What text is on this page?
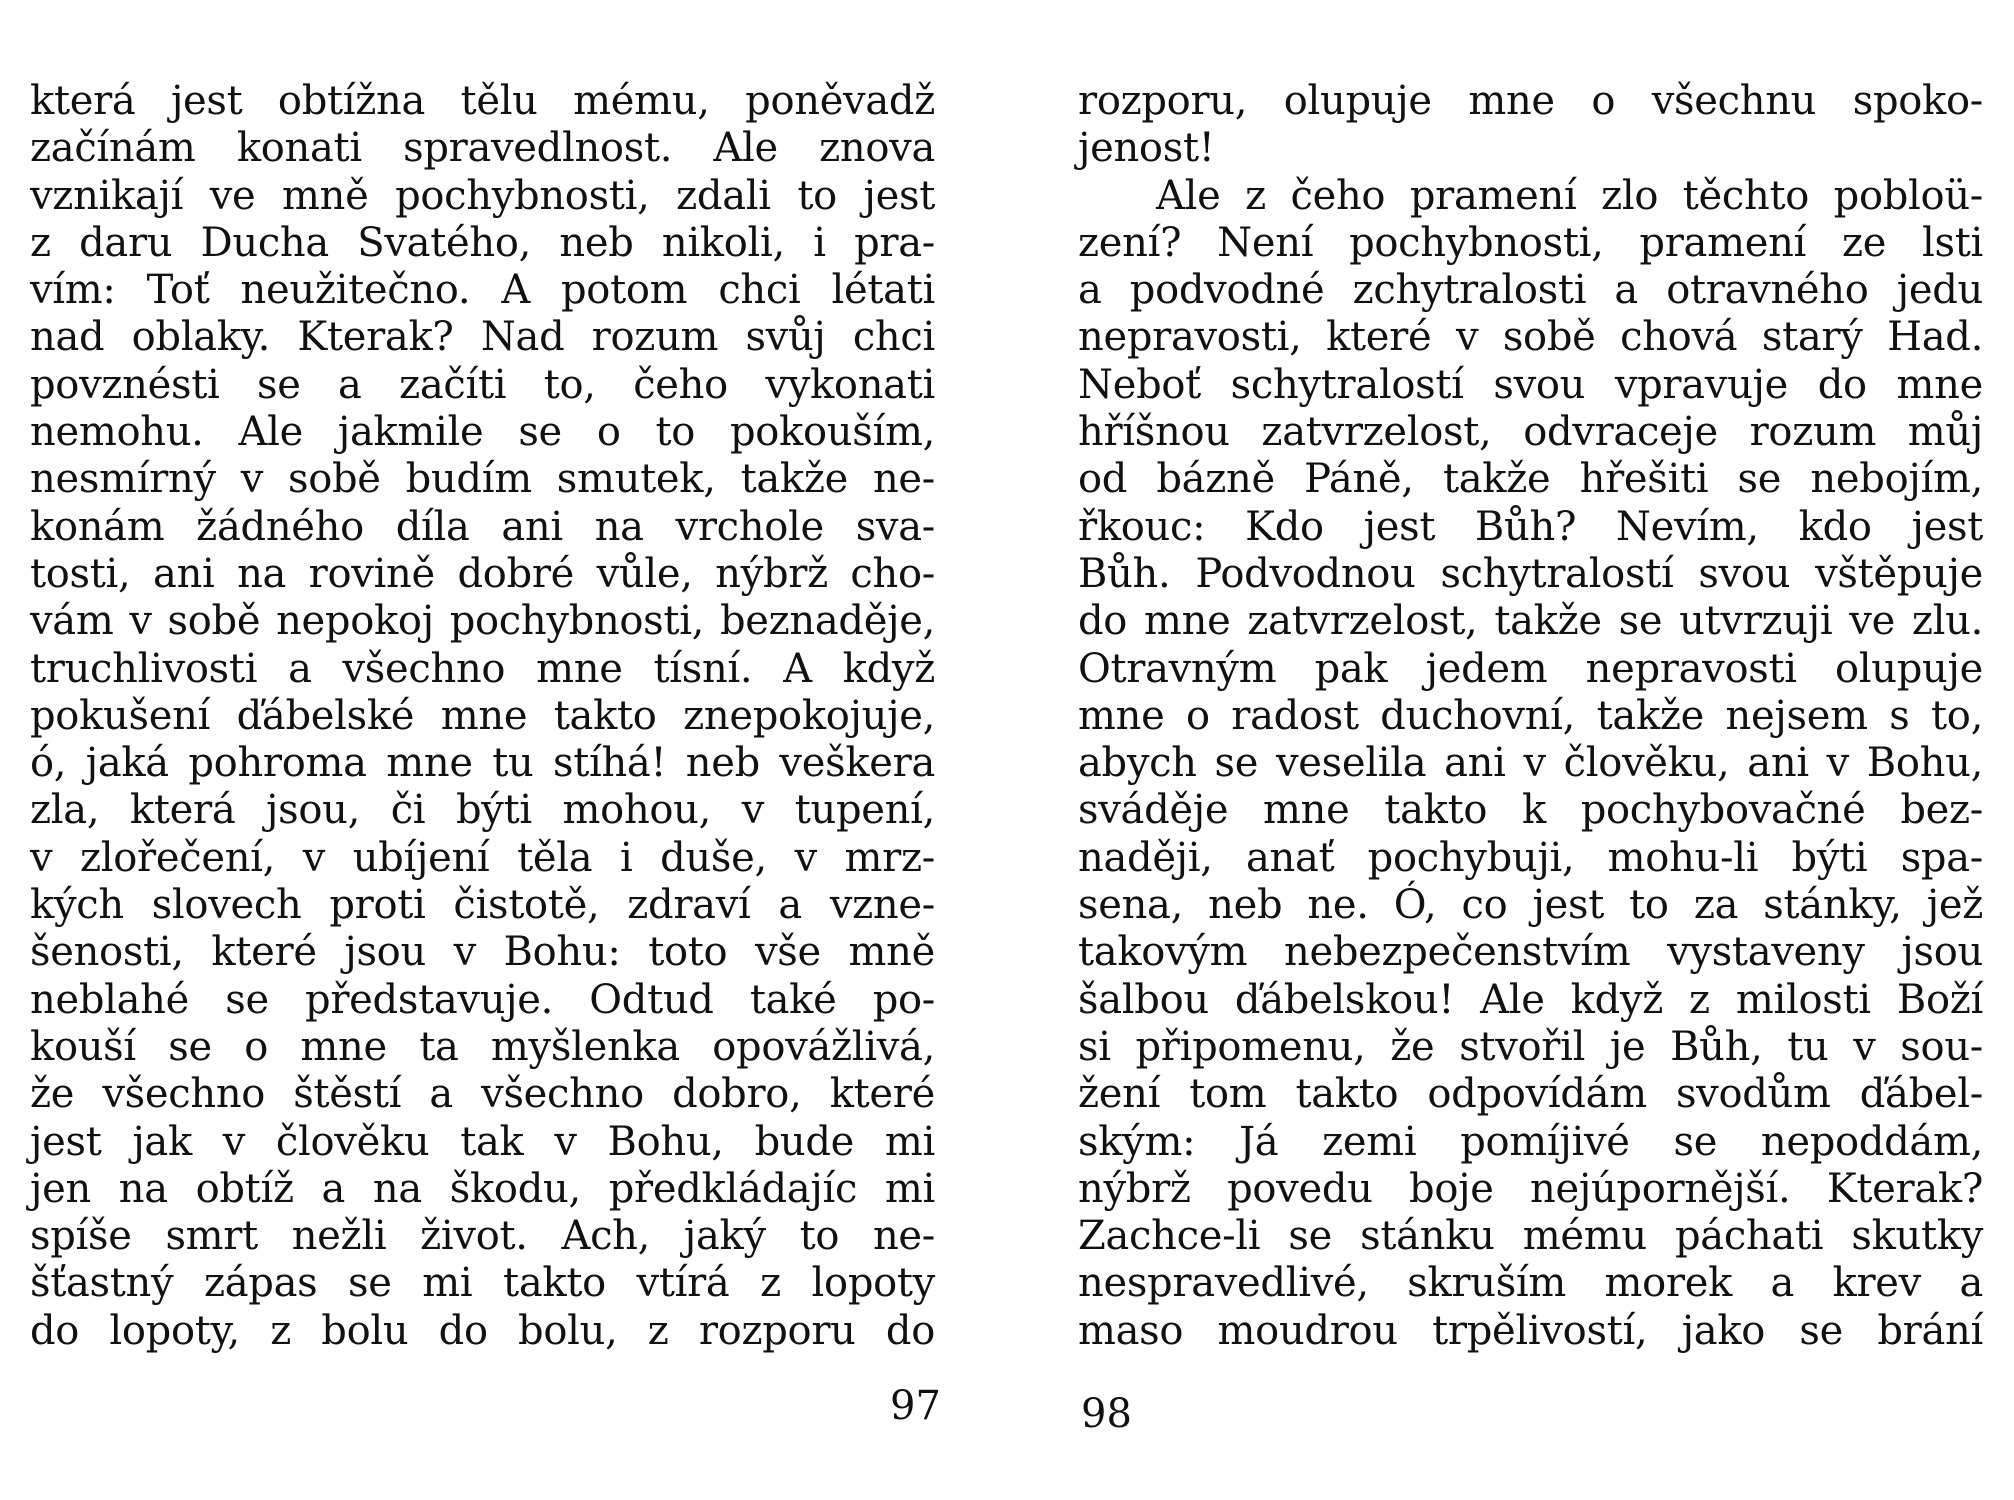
která jest obtížna tělu mému, poněvadž
začínám konati spravedlnost. Ale znova
vznikají ve mně pochybnosti, zdali to jest
z daru Ducha Svatého, neb nikoli, i pra-
vím: Toť neužitečno. A potom chci létati
nad oblaky. Kterak? Nad rozum svůj chci
povznésti se a začíti to, čeho vykonati
nemohu. Ale jakmile se o to pokouším,
nesmírný v sobě budím smutek, takže ne-
konám žádného díla ani na vrcholе sva-
tosti, ani na rovině dobré vůle, nýbrž cho-
vám v sobě nepokoj pochybnosti, beznaděje,
truchlivosti a všechno mne tísní. A když
pokušení ďábelské mne takto znepokojuje,
ó, jaká pohroma mne tu stíhá! neb veškera
zla, která jsou, či býti mohou, v tupení,
v zlořečení, v ubíjení těla i duše, v mrz-
kých slovech proti čistotě, zdraví a vzne-
šenosti, které jsou v Bohu: toto vše mně
neblahé se představuje. Odtud také po-
kouší se o mne ta myšlenka opovážlivá,
že všechno štěstí a všechno dobro, které
jest jak v člověku tak v Bohu, bude mi
jen na obtíž a na škodu, předkládajíc mi
spíše smrt nežli život. Ach, jaký to ne-
šťastný zápas se mi takto vtírá z lopoty
do lopoty, z bolu do bolu, z rozporu do
rozporu, olupuje mne o všechnu spoko-
jenost!
Ale z čeho pramení zlo těchto pobloü-
zení? Není pochybnosti, pramení ze lsti
a podvodné zchytralosti a otravného jedu
nepravosti, které v sobě chová starý Had.
Neboť schytralostí svou vpravuje do mne
hříšnou zatvrzelost, odvraceje rozum můj
od bázně Páně, takže hřešiti se nebojím,
řkouc: Kdo jest Bůh? Nevím, kdo jest
Bůh. Podvodnou schytralostí svou vštěpuje
do mne zatvrzelost, takže se utvrzuji ve zlu.
Otravným pak jedem nepravosti olupuje
mne o radost duchovní, takže nejsem s to,
abych se veselila ani v člověku, ani v Bohu,
sváděje mne takto k pochybovačné bez-
naději, anať pochybuji, mohu-li býti spa-
sena, neb ne. Ó, co jest to za stánky, jež
takovým nebezpečenstvím vystaveny jsou
šalbou ďábelskou! Ale když z milosti Boží
si připomenu, že stvořil je Bůh, tu v sou-
žení tom takto odpovídám svodům ďábel-
ským: Já zemi pomíjivé se nepoddám,
nýbrž povedu boje nejúpornější. Kterak?
Zachce-li se stánku mému páchati skutky
nespravedlivé, skruším morek a krev a
maso moudrou trpělivostí, jako se brání
97	98
